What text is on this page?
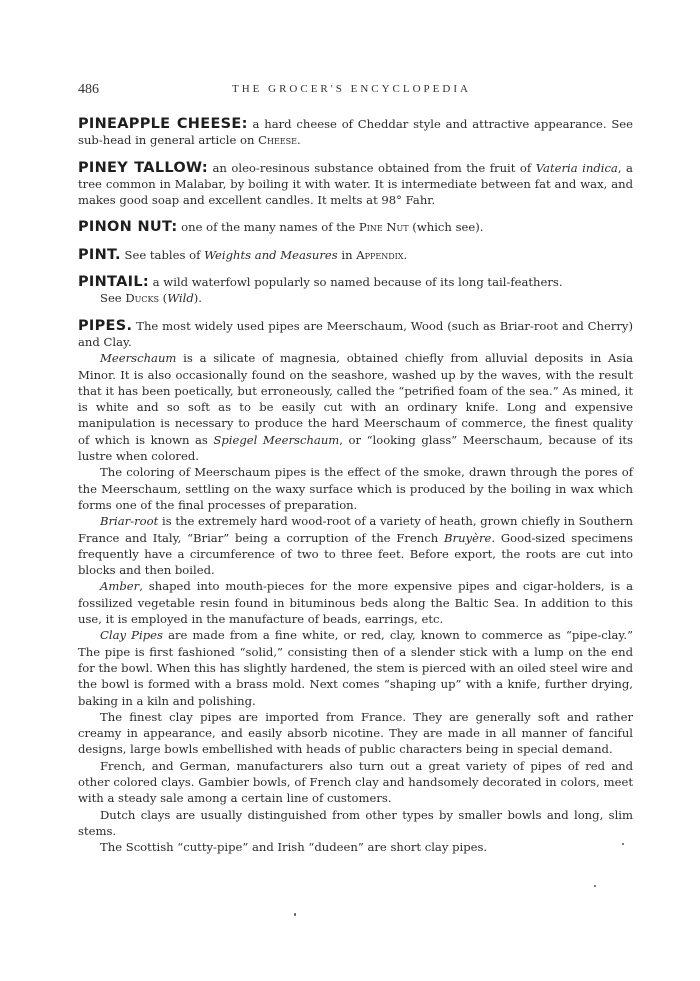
486	THE GROCER'S ENCYCLOPEDIA

PINEAPPLE CHEESE: a hard cheese of Cheddar style and attractive appearance. See sub-head in general article on Cheese.

PINEY TALLOW: an oleo-resinous substance obtained from the fruit of Vateria indica, a tree common in Malabar, by boiling it with water. It is intermediate between fat and wax, and makes good soap and excellent candles. It melts at 98° Fahr.

PINON NUT: one of the many names of the Pine Nut (which see).

PINT. See tables of Weights and Measures in Appendix.

PINTAIL: a wild waterfowl popularly so named because of its long tail-feathers.

See Ducks (Wild).

PIPES. The most widely used pipes are Meerschaum, Wood (such as Briar-root and Cherry) and Clay.

Meerschaum is a silicate of magnesia, obtained chiefly from alluvial deposits in Asia Minor. It is also occasionally found on the seashore, washed up by the waves, with the result that it has been poetically, but erroneously, called the “petrified foam of the sea.” As mined, it is white and so soft as to be easily cut with an ordinary knife. Long and expensive manipulation is necessary to produce the hard Meerschaum of commerce, the finest quality of which is known as Spiegel Meerschaum, or “looking glass” Meerschaum, because of its lustre when colored.

The coloring of Meerschaum pipes is the effect of the smoke, drawn through the pores of the Meerschaum, settling on the waxy surface which is produced by the boiling in wax which forms one of the final processes of preparation.

Briar-root is the extremely hard wood-root of a variety of heath, grown chiefly in Southern France and Italy, “Briar” being a corruption of the French Bruyère. Good-sized specimens frequently have a circumference of two to three feet. Before export, the roots are cut into blocks and then boiled.

Amber, shaped into mouth-pieces for the more expensive pipes and cigar-holders, is a fossilized vegetable resin found in bituminous beds along the Baltic Sea. In addition to this use, it is employed in the manufacture of beads, earrings, etc.

Clay Pipes are made from a fine white, or red, clay, known to commerce as “pipe-clay.” The pipe is first fashioned “solid,” consisting then of a slender stick with a lump on the end for the bowl. When this has slightly hardened, the stem is pierced with an oiled steel wire and the bowl is formed with a brass mold. Next comes “shaping up” with a knife, further drying, baking in a kiln and polishing.

The finest clay pipes are imported from France. They are generally soft and rather creamy in appearance, and easily absorb nicotine. They are made in all manner of fanciful designs, large bowls embellished with heads of public characters being in special demand.

French, and German, manufacturers also turn out a great variety of pipes of red and other colored clays. Gambier bowls, of French clay and handsomely decorated in colors, meet with a steady sale among a certain line of customers.

Dutch clays are usually distinguished from other types by smaller bowls and long, slim stems.

The Scottish “cutty-pipe” and Irish “dudeen” are short clay pipes.
